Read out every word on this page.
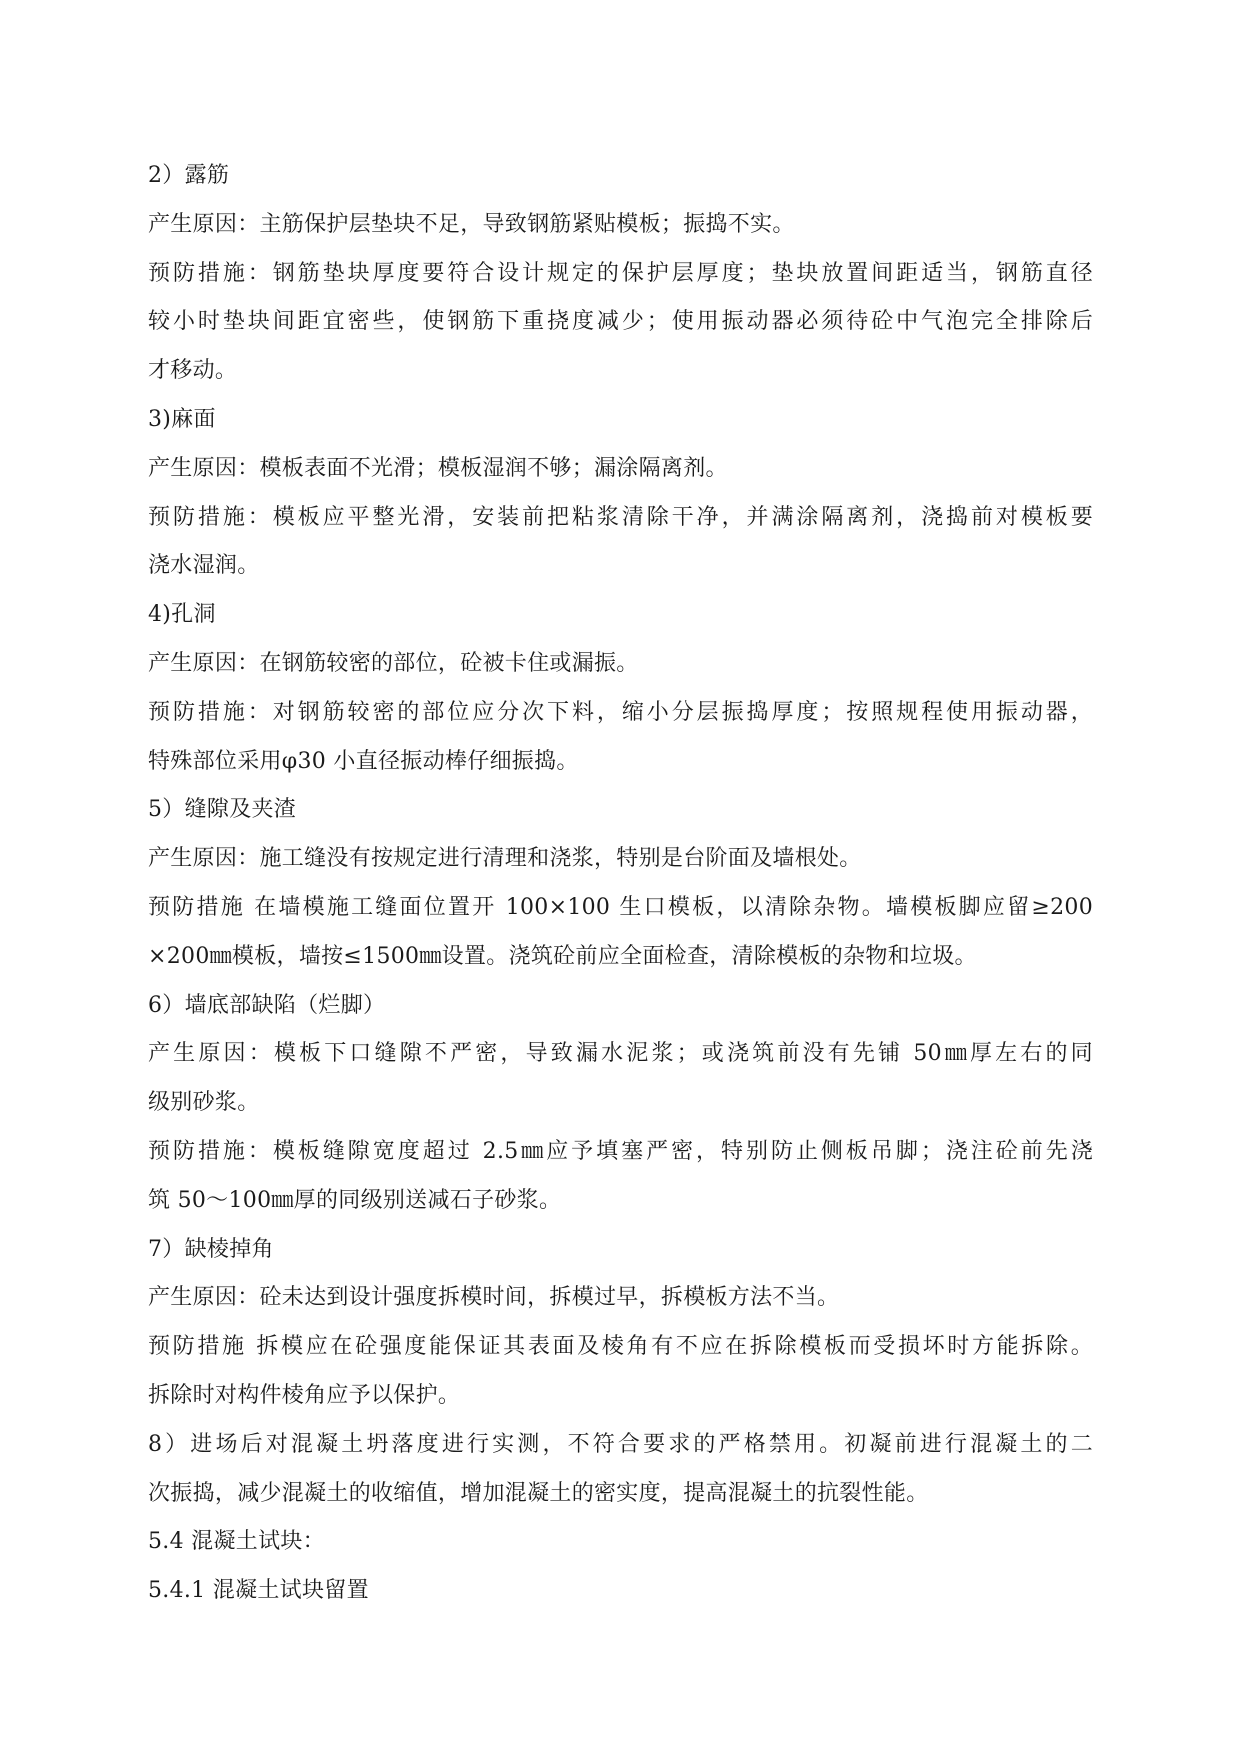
2）露筋
产生原因：主筋保护层垫块不足，导致钢筋紧贴模板；振捣不实。
预防措施：钢筋垫块厚度要符合设计规定的保护层厚度；垫块放置间距适当，钢筋直径
较小时垫块间距宜密些，使钢筋下重挠度减少；使用振动器必须待砼中气泡完全排除后
才移动。
3)麻面
产生原因：模板表面不光滑；模板湿润不够；漏涂隔离剂。
预防措施：模板应平整光滑，安装前把粘浆清除干净，并满涂隔离剂，浇捣前对模板要
浇水湿润。
4)孔洞
产生原因：在钢筋较密的部位，砼被卡住或漏振。
预防措施：对钢筋较密的部位应分次下料，缩小分层振捣厚度；按照规程使用振动器，
特殊部位采用φ30 小直径振动棒仔细振捣。
5）缝隙及夹渣
产生原因：施工缝没有按规定进行清理和浇浆，特别是台阶面及墙根处。
预防措施 在墙模施工缝面位置开 100×100 生口模板，以清除杂物。墙模板脚应留≥200
×200㎜模板，墙按≤1500㎜设置。浇筑砼前应全面检查，清除模板的杂物和垃圾。
6）墙底部缺陷（烂脚）
产生原因：模板下口缝隙不严密，导致漏水泥浆；或浇筑前没有先铺 50㎜厚左右的同
级别砂浆。
预防措施：模板缝隙宽度超过 2.5㎜应予填塞严密，特别防止侧板吊脚；浇注砼前先浇
筑 50～100㎜厚的同级别送减石子砂浆。
7）缺棱掉角
产生原因：砼未达到设计强度拆模时间，拆模过早，拆模板方法不当。
预防措施 拆模应在砼强度能保证其表面及棱角有不应在拆除模板而受损坏时方能拆除。
拆除时对构件棱角应予以保护。
8）进场后对混凝土坍落度进行实测，不符合要求的严格禁用。初凝前进行混凝土的二
次振捣，减少混凝土的收缩值，增加混凝土的密实度，提高混凝土的抗裂性能。
5.4 混凝土试块：
5.4.1 混凝土试块留置
